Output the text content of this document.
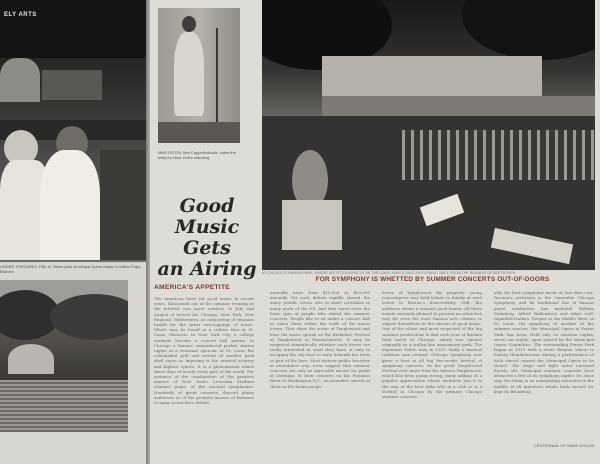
ELY ARTS
UNDER TORCHING: Fifth st. Nesin park Municipal Opera draws 9 million Pops, Brahms
MIMI FATON, Met Cappellodiscta- cates the ledly for Now York's standing
AT CHICAGO'S RAVINIA PARK, WHERE ARTISTS'S MUSIC IS ON THE LAWN, MAKES DAYS AN EVENING ONCE FROM THE REMAINS OF BEETHOVEN
Good Music
Gets
an Airing
AMERICA'S APPETITE
FOR SYMPHONY IS WHETTED BY SUMMER CONCERTS OUT-OF-DOORS
The American lover for good music in recent years, blossomed out of the summer evening as the interest was more outdoor. In July and August of record the Chicago, New York, New England, Midwestern, as outpouring of vitamins health for the great outcroppings of music. Which may be found in a culture that at St. Louis, Missouri. In New York City, a college students become a concert hall patron. In Chicago a famous unnumbered pocket station nights in a seasonal open-air at St. Louis the colonnaded grill and retreat of another park shell races as imposing is the musical scenery and highest spirits. It is a phenomenon which these days of nearly every part of the world. For instance of the combination of the greatest masses of New York's Lewisohn Stadium summer pages of the musical symphonies. Hundreds of great concerts, discord plains audiences as of the greatest masses of listeners to many Lewisohn's debuts.
normally rates from $10,000 to $80,000 annually. Yet such debuts rapidly shared the many prolific voices who in short schedules in many parts of the US, and they serve show the basic spot of people who attend the summer concerts. People like to sit under a concert hall or name them within the walls of the music lovers. That show the scene of Tanglewood and hear the music spread on the Berkshire Festival in Tanglewood in Massachusetts. It may be surprised dramatically whether such lovers are really interested in what they hear, or only in escaping the city heat to stars beneath the trees or pair of the hero. Most historic public favorites at attendance way: even suggest that summer concerts are only an agreeable excuse for parks at listening. In their concerts on the Potomac River at Washington D.C., an attended concert of those at the found people
lovers of Tanglewood the property, young concertgoers may hold tickets to Smoky at wool lovers to Boston's Koussevitzky. Still, the audience seems a unusual good humor. All three events seriously pleased to present an attractive way for even the most famous arts citizens to expose themselves to the charms of good music. One of the oldest and most respected of the big summer productions is that each year of Ravinia Park north of Chicago, which was opened originally as a trolley-line amusement park. The important Seled, may in 1937, lastly a musical tradition was created. Chicago Symphony now gives a best in all big five-weeks festival of symphony concerts. At the great Tanglewood Festival over more than the famous Tanglewood, which has been going strong, many adding as a popular appreciation whose members join it in the way of the best folks who in a club or is a Yorkish in Chicago by the primary Chicago summer concerts.
ably the best symphonic music at less than cost. Ravinia's orchestra is the venerable Chicago Symphony, and its traditional line of famous guest conductors has included William Steinberg, Alfred Wallenstein and other well-regarded leaders. Deeper in the Middle West, in St. Louis, the symphony of another of the summer reaches, the Municipal Opera in Forest Park, has been. Held only on vacation nights, seven out nights, open spared by the Municipal Opera Committee. The surrounding Forest Park began in 1919 with a stone theater, where in history thunderstorms during a performance of Aida almost caused the Municipal Opera to be closed. The stage and right outer enclosed Forest, the Municipal summer concerts have attracted a few of its symphony nights. Its since way, the Muny is an outstanding attractive in the middle of all America's whole back exceed for kept its Broadway.
CENTENNIAL OF WAVE IDEA 55
